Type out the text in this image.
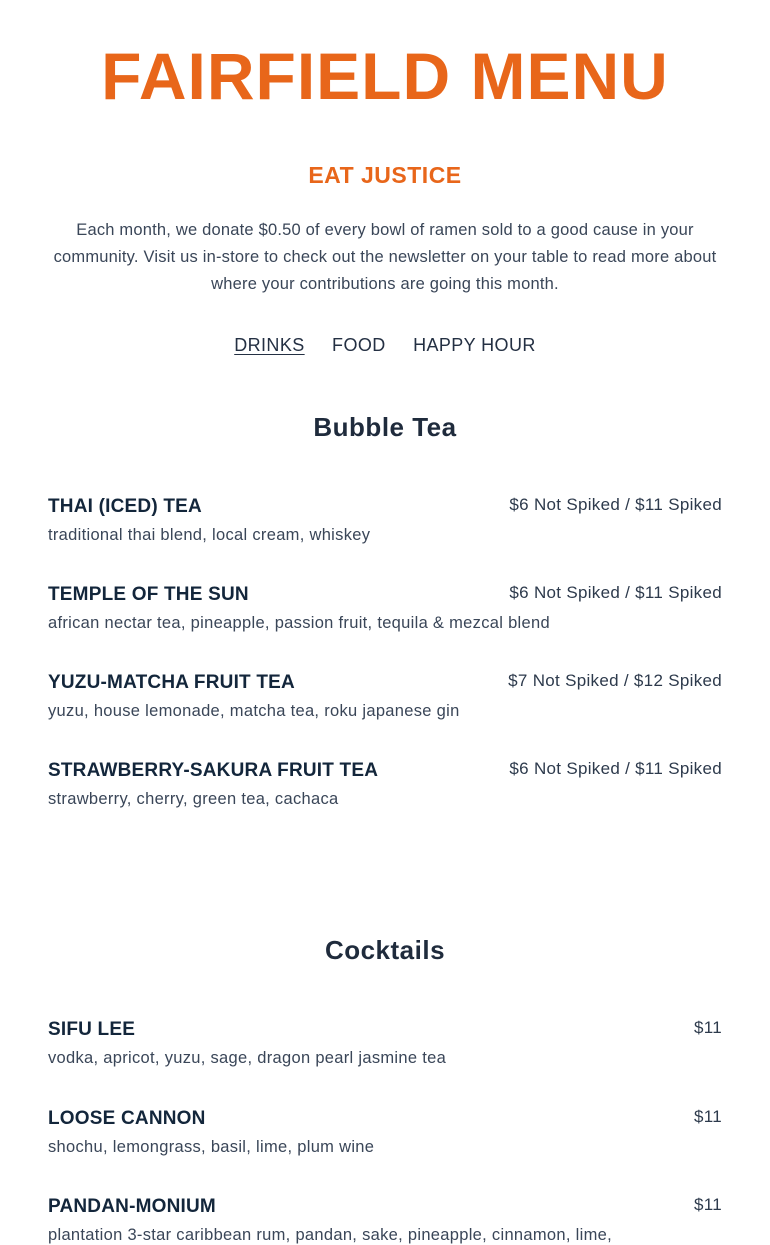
FAIRFIELD MENU
EAT JUSTICE

Each month, we donate $0.50 of every bowl of ramen sold to a good cause in your community. Visit us in-store to check out the newsletter on your table to read more about where your contributions are going this month.

DRINKS FOOD HAPPY HOUR
Bubble Tea
THAI (ICED) TEA	$6 Not Spiked / $11 Spiked
traditional thai blend, local cream, whiskey
TEMPLE OF THE SUN	$6 Not Spiked / $11 Spiked
african nectar tea, pineapple, passion fruit, tequila & mezcal blend
YUZU-MATCHA FRUIT TEA	$7 Not Spiked / $12 Spiked
yuzu, house lemonade, matcha tea, roku japanese gin
STRAWBERRY-SAKURA FRUIT TEA	$6 Not Spiked / $11 Spiked
strawberry, cherry, green tea, cachaca
Cocktails
SIFU LEE	$11
vodka, apricot, yuzu, sage, dragon pearl jasmine tea
LOOSE CANNON	$11
shochu, lemongrass, basil, lime, plum wine
PANDAN-MONIUM	$11
plantation 3-star caribbean rum, pandan, sake, pineapple, cinnamon, lime,
